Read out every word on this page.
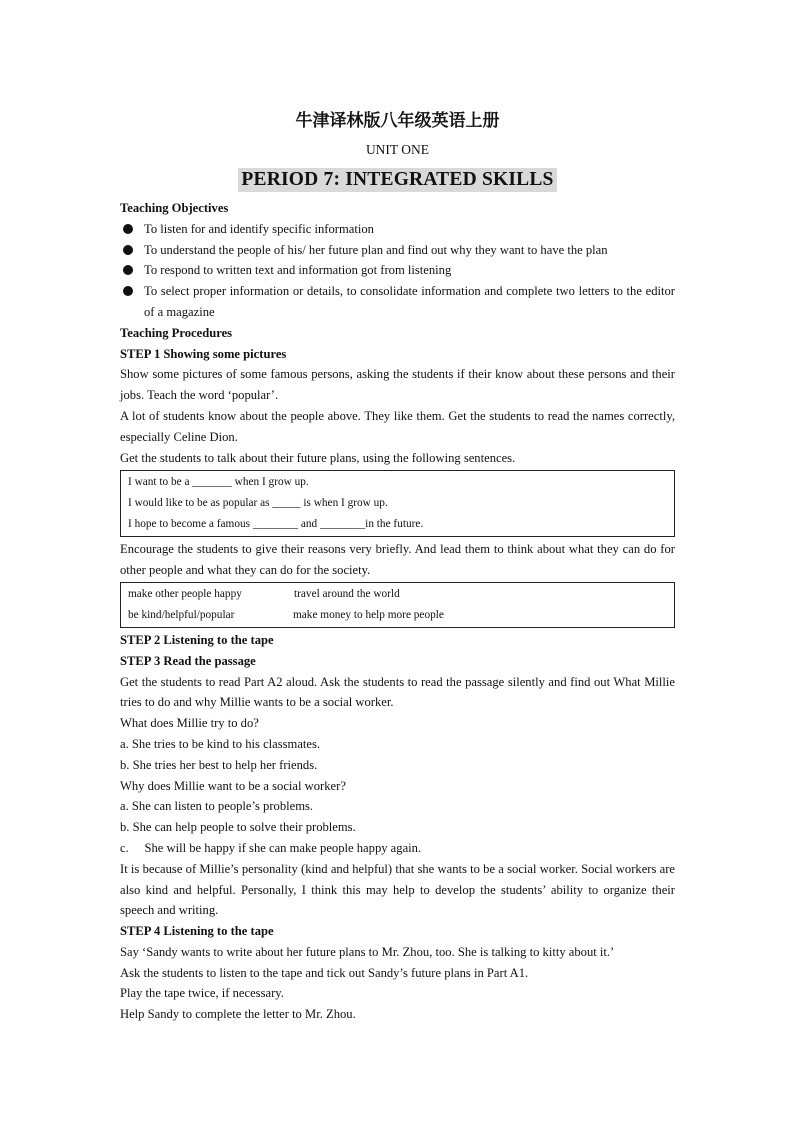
牛津译林版八年级英语上册
UNIT ONE
PERIOD 7: INTEGRATED SKILLS
Teaching Objectives
To listen for and identify specific information
To understand the people of his/ her future plan and find out why they want to have the plan
To respond to written text and information got from listening
To select proper information or details, to consolidate information and complete two letters to the editor of a magazine
Teaching Procedures
STEP 1 Showing some pictures
Show some pictures of some famous persons, asking the students if their know about these persons and their jobs. Teach the word ‘popular’.
A lot of students know about the people above. They like them. Get the students to read the names correctly, especially Celine Dion.
Get the students to talk about their future plans, using the following sentences.
I want to be a _______ when I grow up.
I would like to be as popular as _____ is when I grow up.
I hope to become a famous ________ and ________in the future.
Encourage the students to give their reasons very briefly. And lead them to think about what they can do for other people and what they can do for the society.
make other people happy	travel around the world
be kind/helpful/popular	make money to help more people
STEP 2 Listening to the tape
STEP 3 Read the passage
Get the students to read Part A2 aloud. Ask the students to read the passage silently and find out What Millie tries to do and why Millie wants to be a social worker.
What does Millie try to do?
a. She tries to be kind to his classmates.
b. She tries her best to help her friends.
Why does Millie want to be a social worker?
a. She can listen to people’s problems.
b. She can help people to solve their problems.
c.     She will be happy if she can make people happy again.
It is because of Millie’s personality (kind and helpful) that she wants to be a social worker. Social workers are also kind and helpful. Personally, I think this may help to develop the students’ ability to organize their speech and writing.
STEP 4 Listening to the tape
Say ‘Sandy wants to write about her future plans to Mr. Zhou, too. She is talking to kitty about it.’
Ask the students to listen to the tape and tick out Sandy’s future plans in Part A1.
Play the tape twice, if necessary.
Help Sandy to complete the letter to Mr. Zhou.
